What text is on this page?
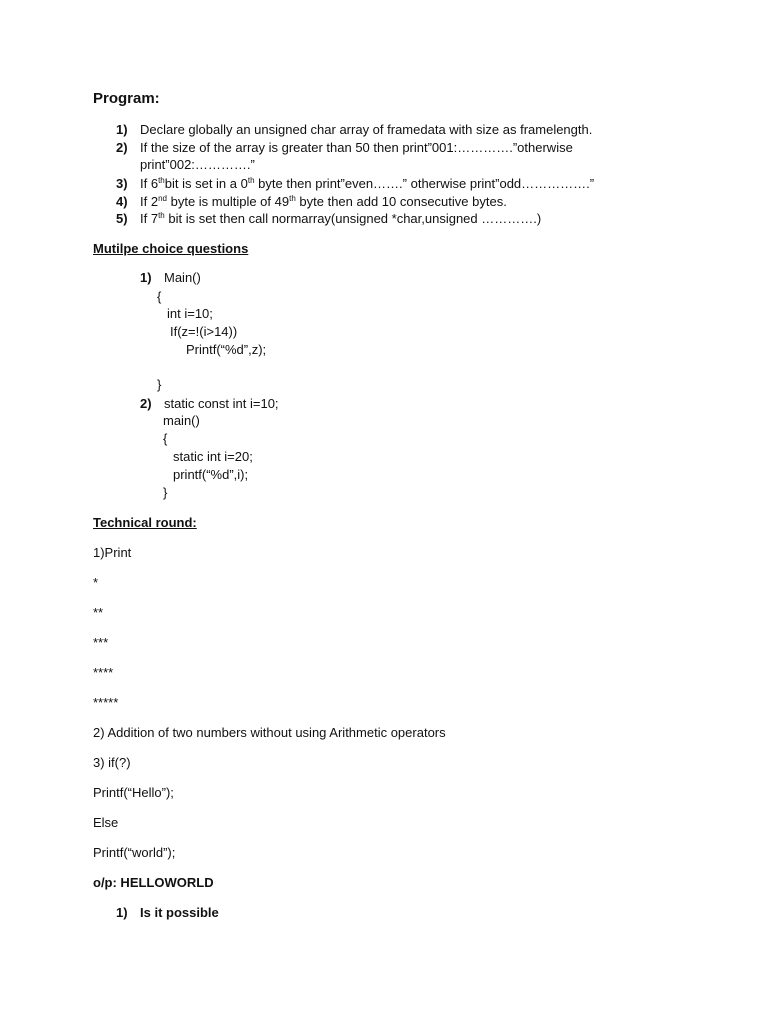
Program:
1) Declare globally an unsigned char array of framedata with size as framelength.
2) If the size of the array is greater than 50 then print”001:………….”otherwise
print”002:………….”
3) If 6thbit is set in a 0th byte then print”even…….” otherwise print”odd…………….”
4) If 2nd byte is multiple of 49th byte then add 10 consecutive bytes.
5) If 7th bit is set then call normarray(unsigned *char,unsigned ………….)
Mutilpe choice questions
1) Main()
{
int i=10;
If(z=!(i>14))
Printf(“%d”,z);
}
2) static const int i=10;
main()
{
static int i=20;
printf(“%d”,i);
}
Technical round:
1)Print
*
**
***
****
*****
2) Addition of two numbers without using Arithmetic operators
3) if(?)
Printf(“Hello”);
Else
Printf(“world”);
o/p: HELLOWORLD
1) Is it possible
